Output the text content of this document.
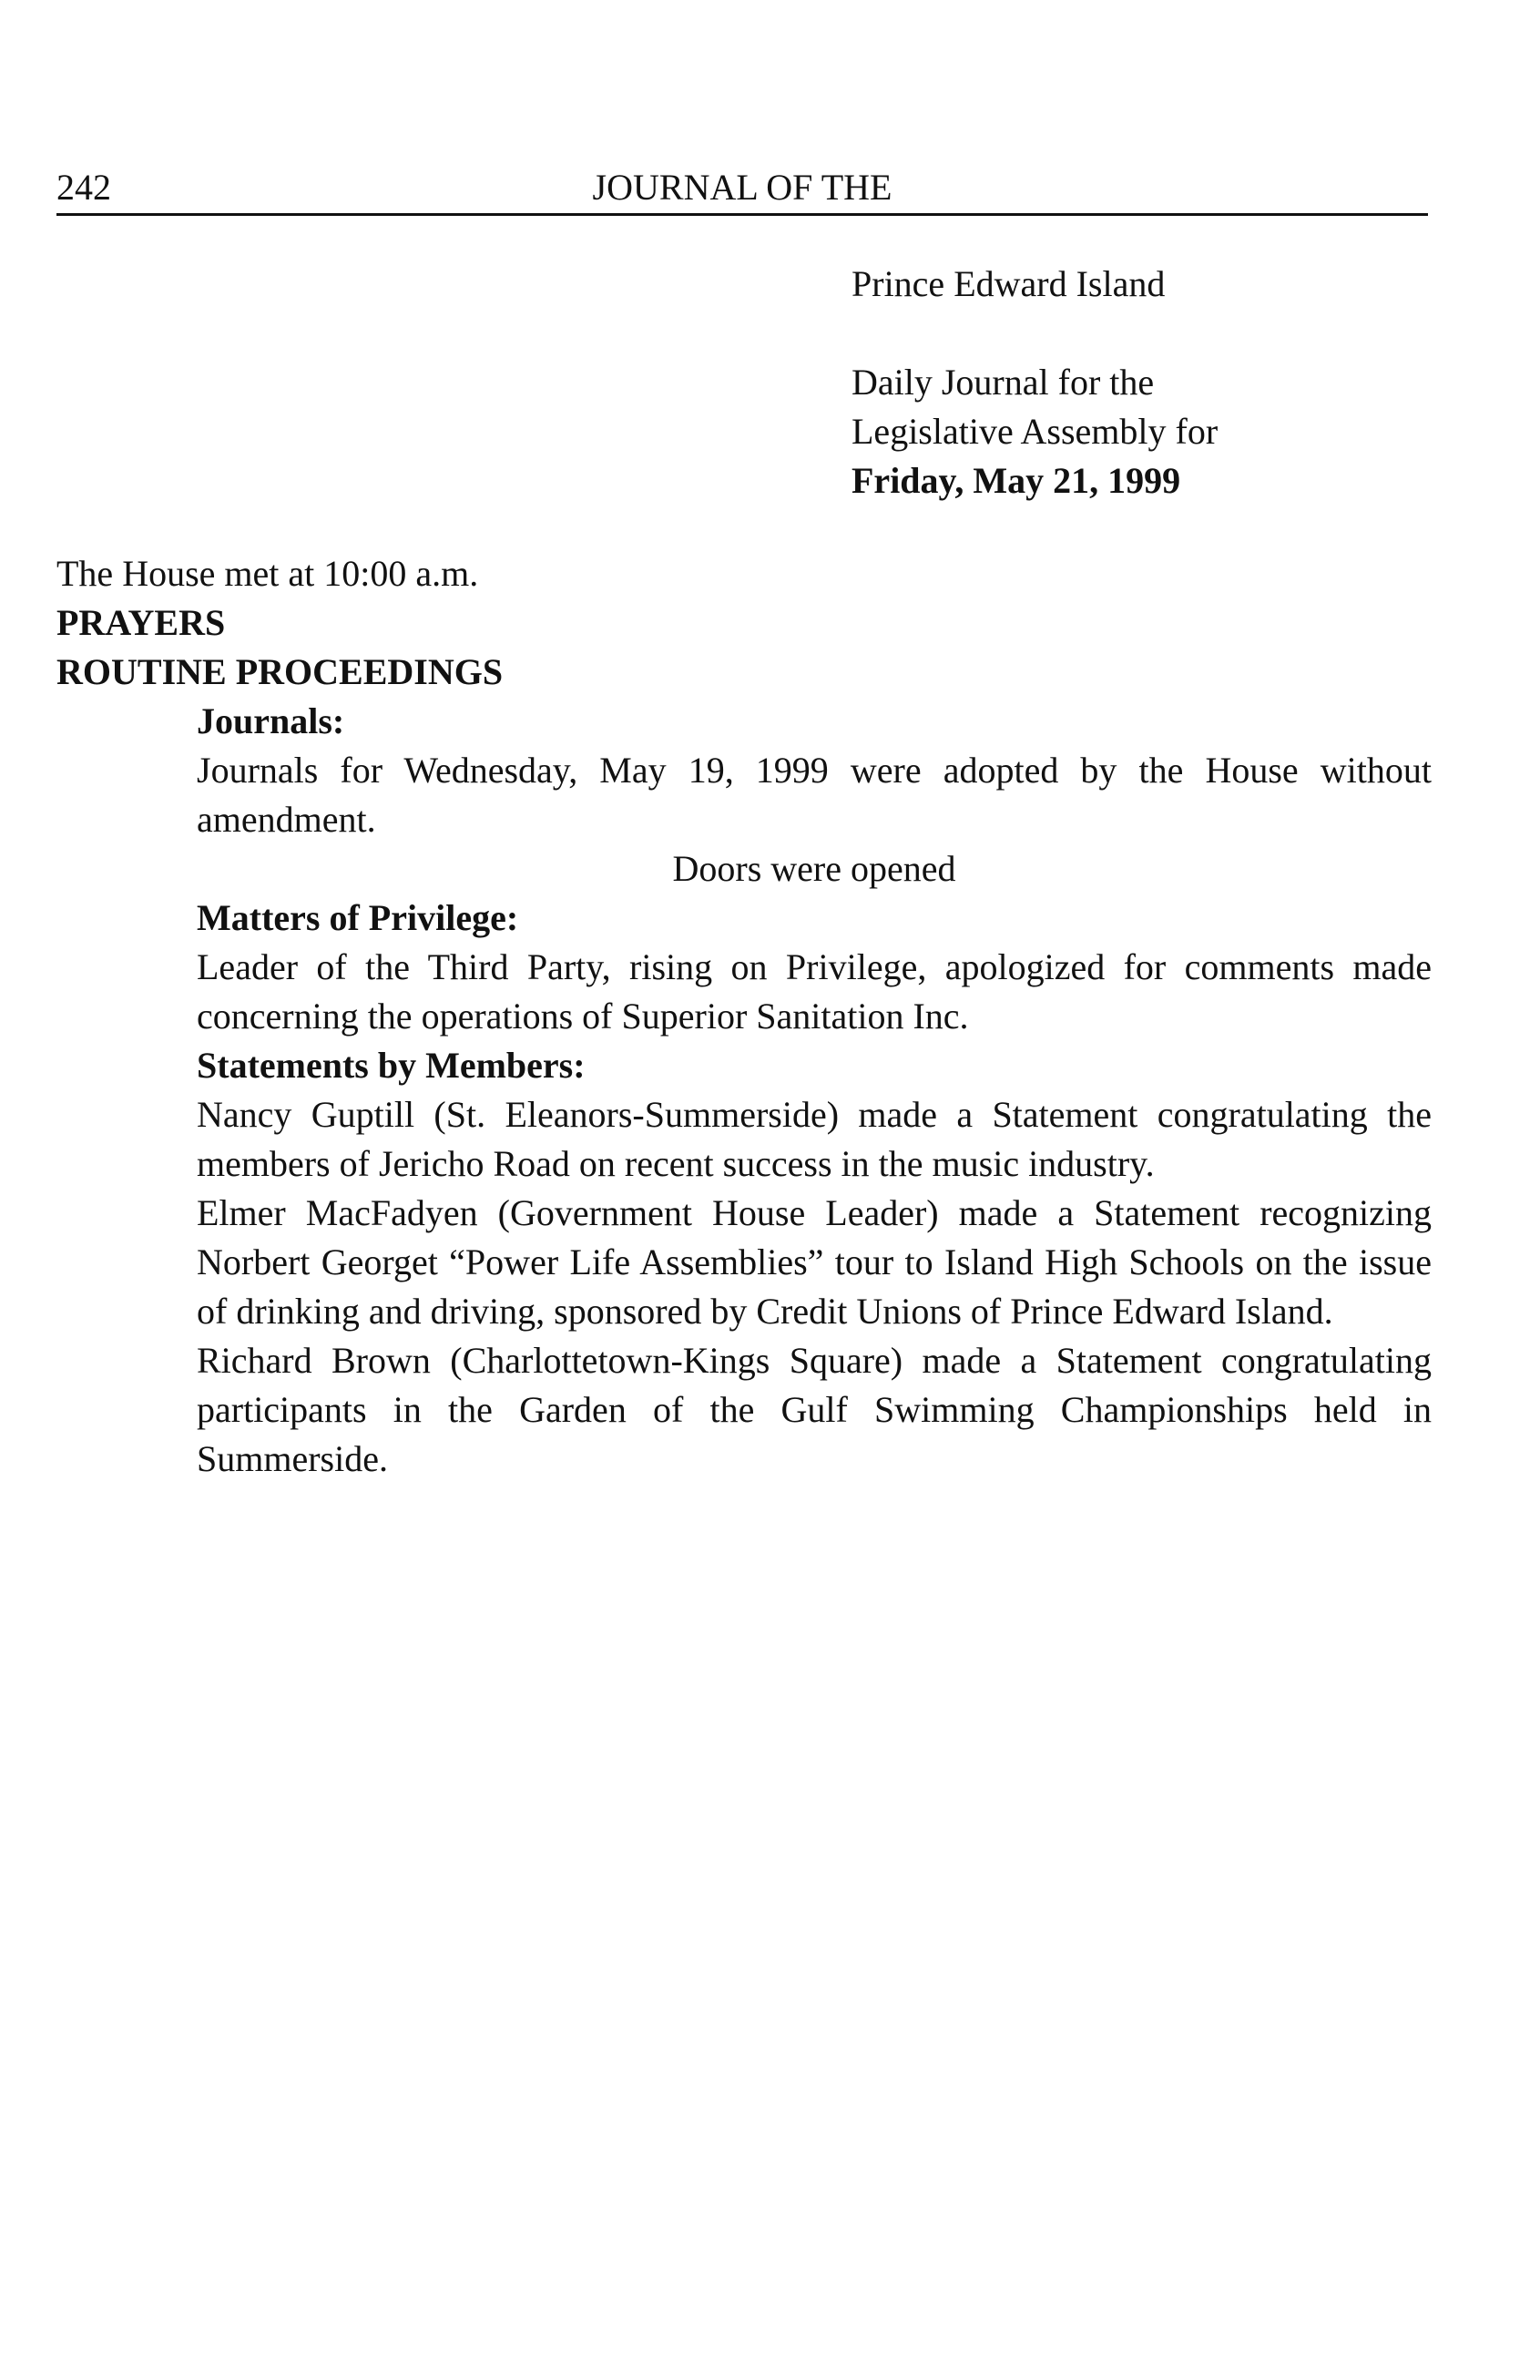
242	JOURNAL OF THE
Prince Edward Island
Daily Journal for the
Legislative Assembly for
Friday, May 21, 1999

The House met at 10:00 a.m.

PRAYERS

ROUTINE PROCEEDINGS

Journals:

Journals for Wednesday, May 19, 1999 were adopted by the House without amendment.

Doors were opened

Matters of Privilege:

Leader of the Third Party, rising on Privilege, apologized for comments made concerning the operations of Superior Sanitation Inc.

Statements by Members:

Nancy Guptill (St. Eleanors-Summerside) made a Statement congratulating the members of Jericho Road on recent success in the music industry.

Elmer MacFadyen (Government House Leader) made a Statement recognizing Norbert Georget “Power Life Assemblies” tour to Island High Schools on the issue of drinking and driving, sponsored by Credit Unions of Prince Edward Island.

Richard Brown (Charlottetown-Kings Square) made a Statement congratulating participants in the Garden of the Gulf Swimming Championships held in Summerside.
